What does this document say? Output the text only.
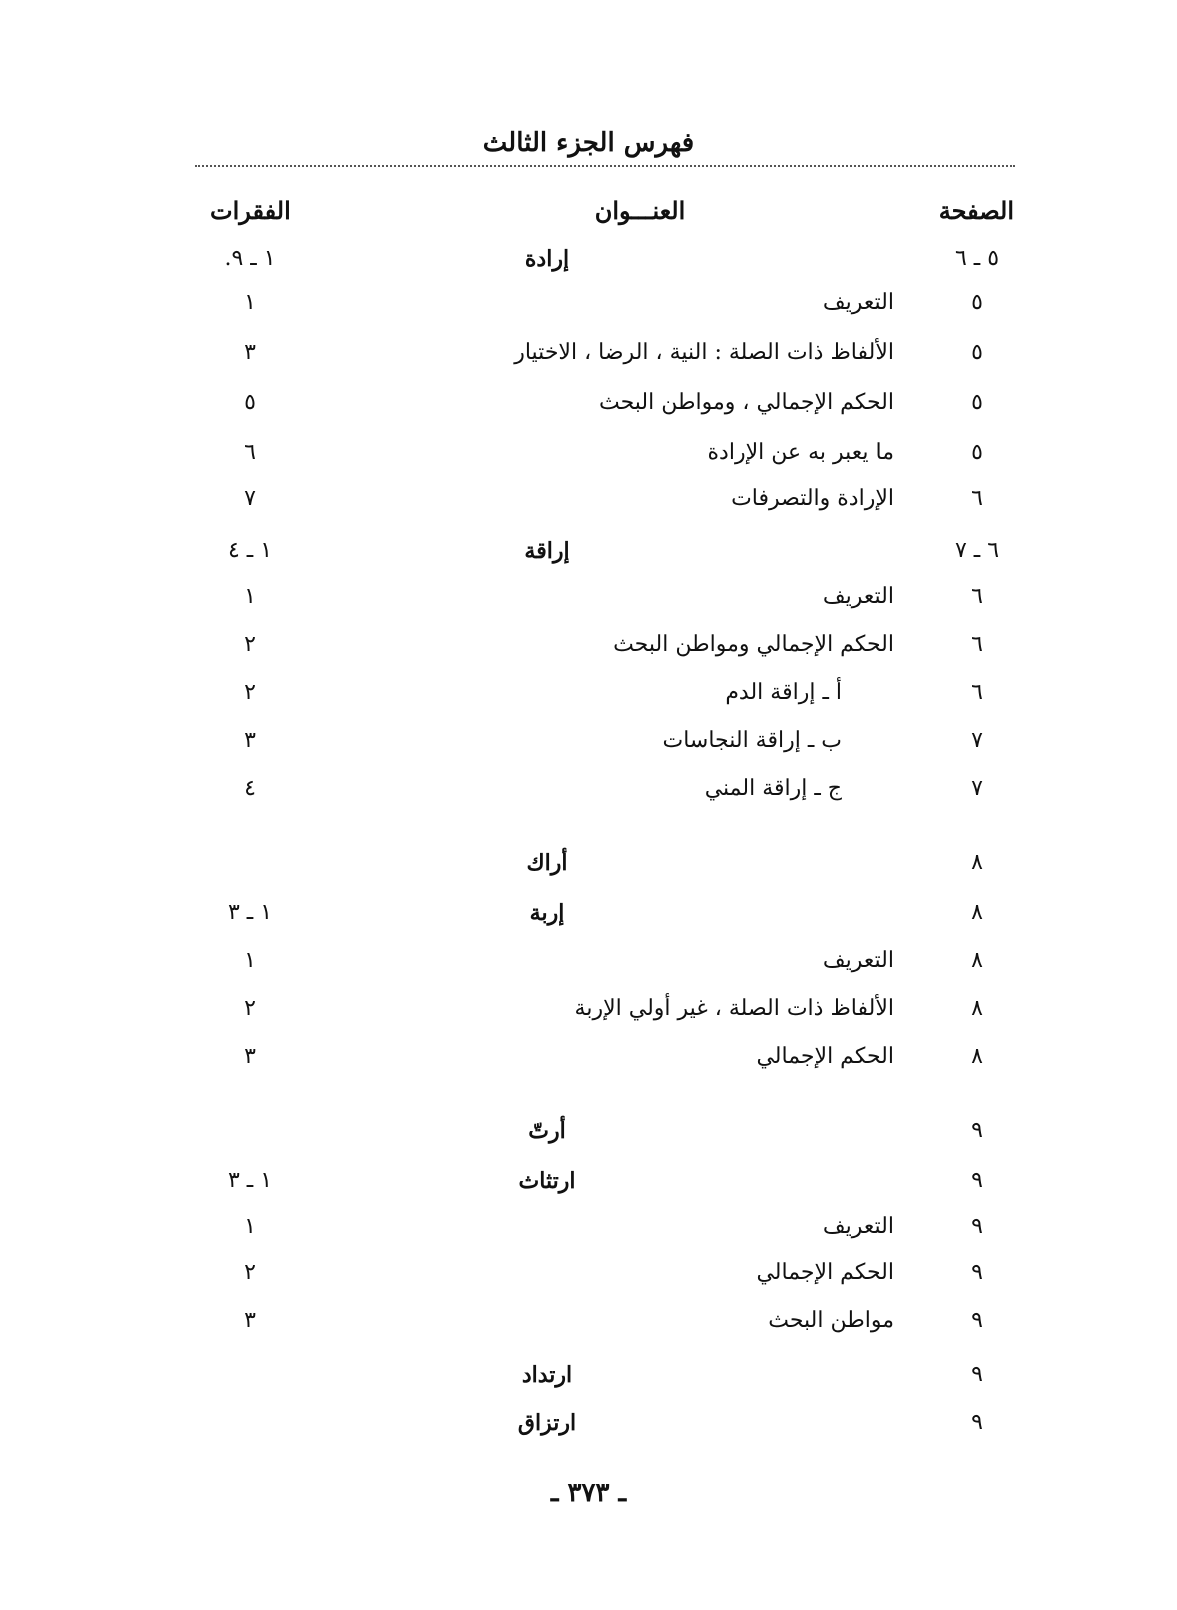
فهرس الجزء الثالث
الصفحة
العنـــوان
الفقرات
٥ ـ ٦
إرادة
١ ـ ٩.
٥
التعريف
١
٥
الألفاظ ذات الصلة : النية ، الرضا ، الاختيار
٣
٥
الحكم الإجمالي ، ومواطن البحث
٥
٥
ما يعبر به عن الإرادة
٦
٦
الإرادة والتصرفات
٧
٦ ـ ٧
إراقة
١ ـ ٤
٦
التعريف
١
٦
الحكم الإجمالي ومواطن البحث
٢
٦
أ ـ إراقة الدم
٢
٧
ب ـ إراقة النجاسات
٣
٧
ج ـ إراقة المني
٤
٨
أراك
٨
إربة
١ ـ ٣
٨
التعريف
١
٨
الألفاظ ذات الصلة ، غير أولي الإربة
٢
٨
الحكم الإجمالي
٣
٩
أرتّ
٩
ارتثاث
١ ـ ٣
٩
التعريف
١
٩
الحكم الإجمالي
٢
٩
مواطن البحث
٣
٩
ارتداد
٩
ارتزاق
ـ ٣٧٣ ـ
